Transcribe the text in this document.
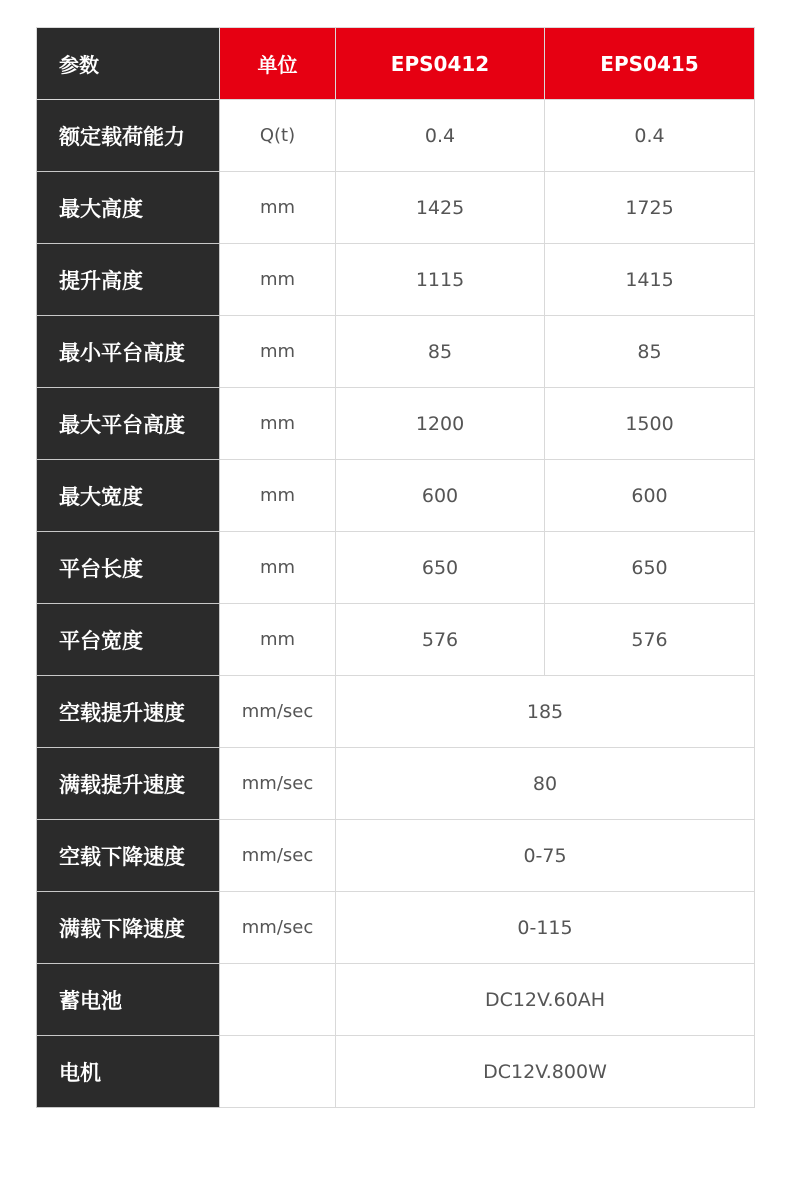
参数	单位	EPS0412	EPS0415
额定载荷能力	Q(t)	0.4	0.4
最大高度	mm	1425	1725
提升高度	mm	1115	1415
最小平台高度	mm	85	85
最大平台高度	mm	1200	1500
最大宽度	mm	600	600
平台长度	mm	650	650
平台宽度	mm	576	576
空载提升速度	mm/sec	185	
满载提升速度	mm/sec	80	
空载下降速度	mm/sec	0-75	
满载下降速度	mm/sec	0-115	
蓄电池		DC12V.60AH	
电机		DC12V.800W	
